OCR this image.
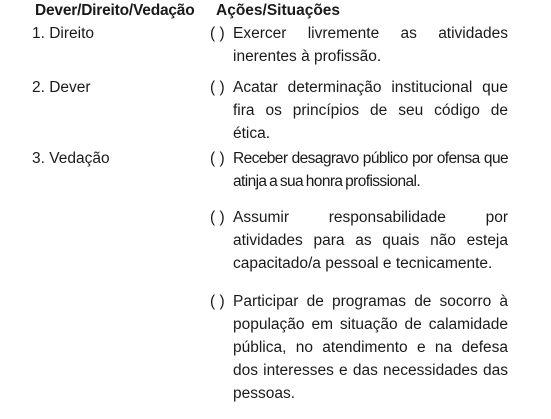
Dever/Direito/Vedação Ações/Situações
1. Direito
2. Dever
3. Vedação
( ) Exercer livremente as atividades inerentes à profissão.
( ) Acatar determinação institucional que fira os princípios de seu código de ética.
( ) Receber desagravo público por ofensa que atinja a sua honra profissional.
( ) Assumir responsabilidade por atividades para as quais não esteja capacitado/a pessoal e tecnicamente.
( ) Participar de programas de socorro à população em situação de calamidade pública, no atendimento e na defesa dos interesses e das necessidades das pessoas.
